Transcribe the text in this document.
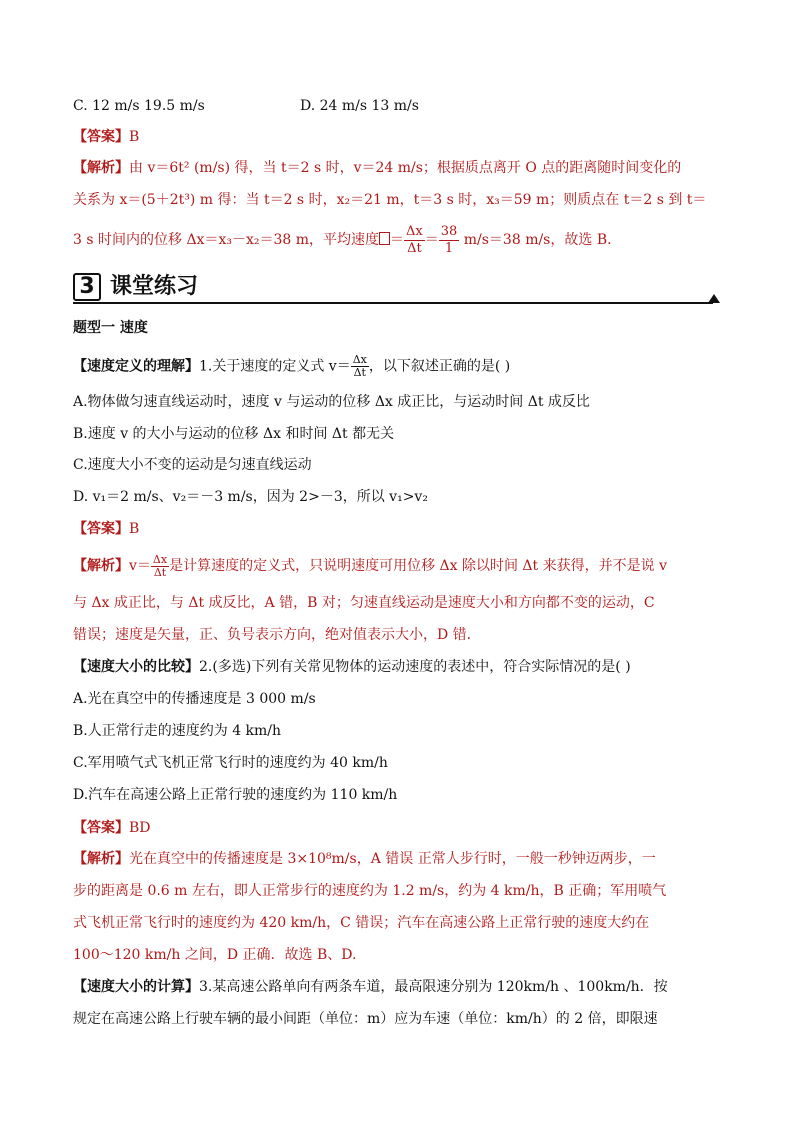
C. 12 m/s 19.5 m/s	D. 24 m/s 13 m/s
【答案】B
【解析】由 v＝6t² (m/s) 得，当 t＝2 s 时，v＝24 m/s；根据质点离开 O 点的距离随时间变化的
关系为 x＝(5＋2t³) m 得：当 t＝2 s 时，x₂＝21 m，t＝3 s 时，x₃＝59 m；则质点在 t＝2 s 到 t＝
3 s 时间内的位移 Δx＝x₃－x₂＝38 m，平均速度 ＝ $\frac{\Delta x}{\Delta t} = \frac{38}{1} m/s=38$ m/s，故选 B.
3 课堂练习
题型一 速度
【速度定义的理解】1.关于速度的定义式 $v= \frac{\Delta x}{\Delta t}$ ，以下叙述正确的是( )
A.物体做匀速直线运动时，速度 v 与运动的位移 Δx 成正比，与运动时间 Δt 成反比
B.速度 v 的大小与运动的位移 Δx 和时间 Δt 都无关
C.速度大小不变的运动是匀速直线运动
D. v₁＝2 m/s、v₂＝－3 m/s，因为 2>－3，所以 v₁>v₂
【答案】B
【解析】$v= \frac{\Delta x}{\Delta t}$ 是计算速度的定义式，只说明速度可用位移 Δx 除以时间 Δt 来获得，并不是说 v
与 Δx 成正比，与 Δt 成反比，A 错，B 对；匀速直线运动是速度大小和方向都不变的运动，C
错误；速度是矢量，正、负号表示方向，绝对值表示大小，D 错．
【速度大小的比较】2.(多选)下列有关常见物体的运动速度的表述中，符合实际情况的是( )
A.光在真空中的传播速度是 3 000 m/s
B.人正常行走的速度约为 4 km/h
C.军用喷气式飞机正常飞行时的速度约为 40 km/h
D.汽车在高速公路上正常行驶的速度约为 110 km/h
【答案】BD
【解析】光在真空中的传播速度是 3×10⁸m/s，A 错误 正常人步行时，一般一秒钟迈两步，一
步的距离是 0.6 m 左右，即人正常步行的速度约为 1.2 m/s，约为 4 km/h，B 正确；军用喷气
式飞机正常飞行时的速度约为 420 km/h，C 错误；汽车在高速公路上正常行驶的速度大约在
100～120 km/h 之间，D 正确．故选 B、D.
【速度大小的计算】3.某高速公路单向有两条车道，最高限速分别为 120km/h 、100km/h．按
规定在高速公路上行驶车辆的最小间距（单位：m）应为车速（单位：km/h）的 2 倍，即限速
